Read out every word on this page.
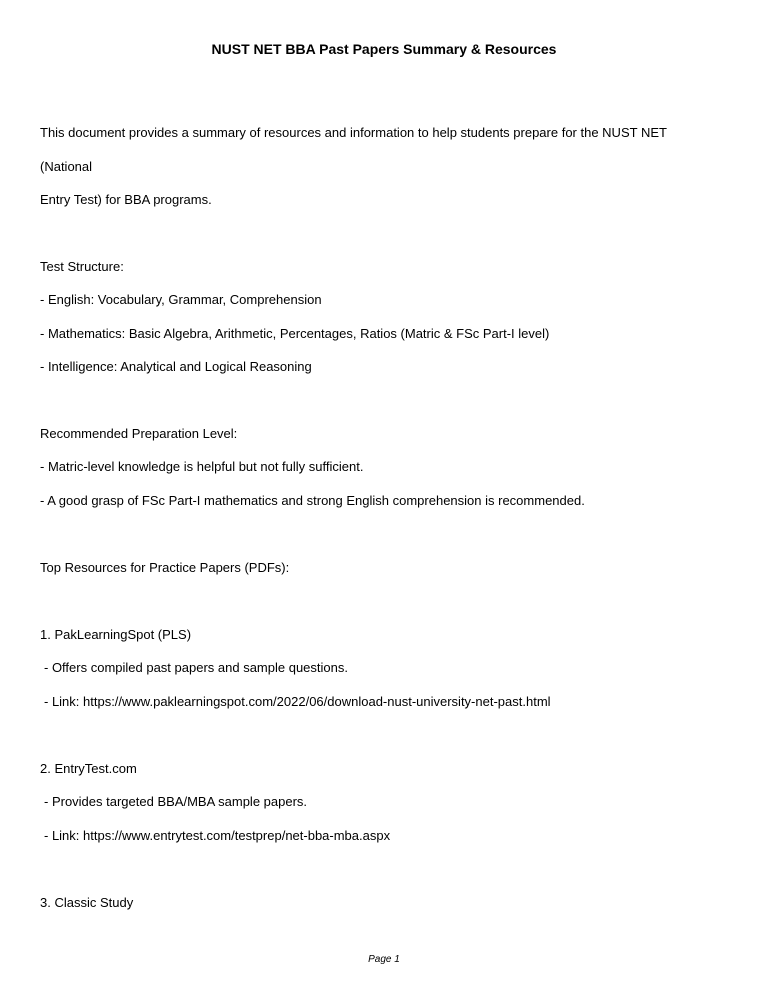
NUST NET BBA Past Papers Summary & Resources
This document provides a summary of resources and information to help students prepare for the NUST NET
(National
Entry Test) for BBA programs.
Test Structure:
- English: Vocabulary, Grammar, Comprehension
- Mathematics: Basic Algebra, Arithmetic, Percentages, Ratios (Matric & FSc Part-I level)
- Intelligence: Analytical and Logical Reasoning
Recommended Preparation Level:
- Matric-level knowledge is helpful but not fully sufficient.
- A good grasp of FSc Part-I mathematics and strong English comprehension is recommended.
Top Resources for Practice Papers (PDFs):
1. PakLearningSpot (PLS)
- Offers compiled past papers and sample questions.
- Link: https://www.paklearningspot.com/2022/06/download-nust-university-net-past.html
2. EntryTest.com
- Provides targeted BBA/MBA sample papers.
- Link: https://www.entrytest.com/testprep/net-bba-mba.aspx
3. Classic Study
Page 1
